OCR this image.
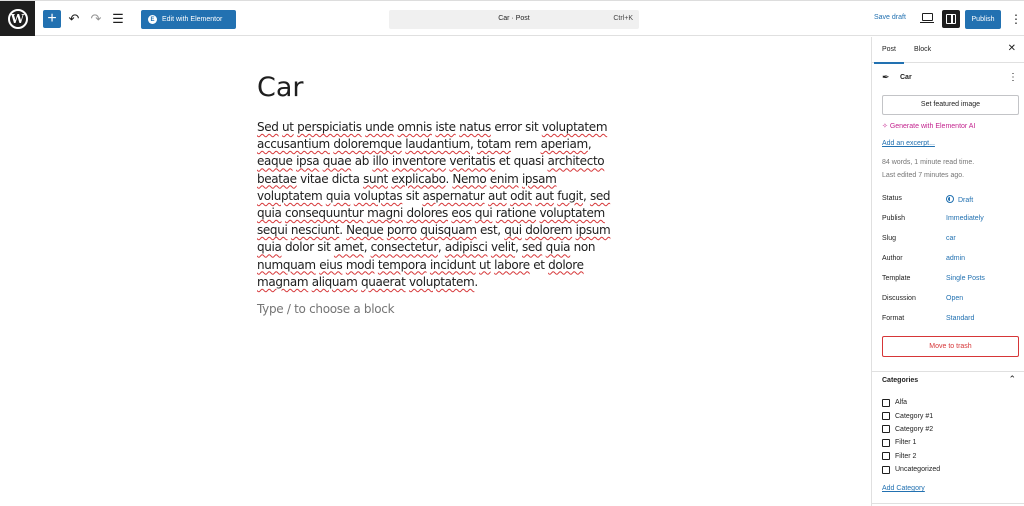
W + ↶ ↷ ☰	E	Edit with Elementor	Car · Post	Ctrl+K	Save draft	Publish	⋮
Car
Sed ut perspiciatis unde omnis iste natus error sit voluptatem accusantium doloremque laudantium, totam rem aperiam, eaque ipsa quae ab illo inventore veritatis et quasi architecto beatae vitae dicta sunt explicabo. Nemo enim ipsam voluptatem quia voluptas sit aspernatur aut odit aut fugit, sed quia consequuntur magni dolores eos qui ratione voluptatem sequi nesciunt. Neque porro quisquam est, qui dolorem ipsum quia dolor sit amet, consectetur, adipisci velit, sed quia non numquam eius modi tempora incidunt ut labore et dolore magnam aliquam quaerat voluptatem.
Type / to choose a block
Post	Block	✕
✒ Car	⋮
Set featured image
✧ Generate with Elementor AI
Add an excerpt...
84 words, 1 minute read time.
Last edited 7 minutes ago.
Status	Draft
Publish	Immediately
Slug	car
Author	admin
Template	Single Posts
Discussion	Open
Format	Standard
Move to trash
Categories	⌃
Alfa
Category #1
Category #2
Filter 1
Filter 2
Uncategorized
Add Category
